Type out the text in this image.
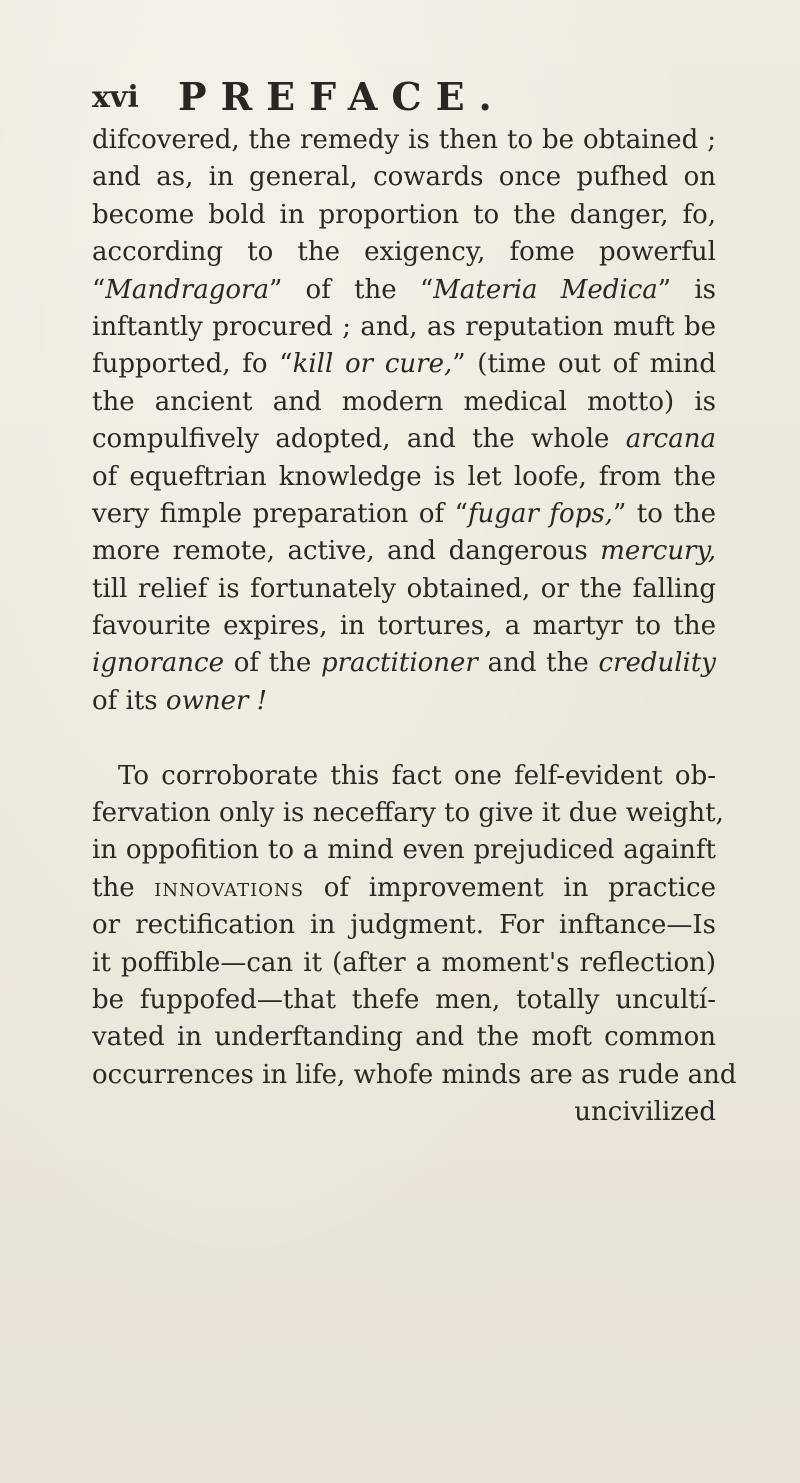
xvi PREFACE.
difcovered, the remedy is then to be obtained ;
and as, in general, cowards once pufhed on
become bold in proportion to the danger, fo,
according to the exigency, fome powerful
“Mandragora” of the “Materia Medica” is
inftantly procured ; and, as reputation muft be
fupported, fo “kill or cure,” (time out of mind
the ancient and modern medical motto) is
compulfively adopted, and the whole arcana
of equeftrian knowledge is let loofe, from the
very fimple preparation of “fugar fops,” to the
more remote, active, and dangerous mercury,
till relief is fortunately obtained, or the falling
favourite expires, in tortures, a martyr to the
ignorance of the practitioner and the credulity
of its owner !
To corroborate this fact one felf-evident ob-
fervation only is neceffary to give it due weight,
in oppofition to a mind even prejudiced againft
the innovations of improvement in practice
or rectification in judgment. For inftance—Is
it poffible—can it (after a moment's reflection)
be fuppofed—that thefe men, totally uncultí-
vated in underftanding and the moft common
occurrences in life, whofe minds are as rude and
uncivilized
